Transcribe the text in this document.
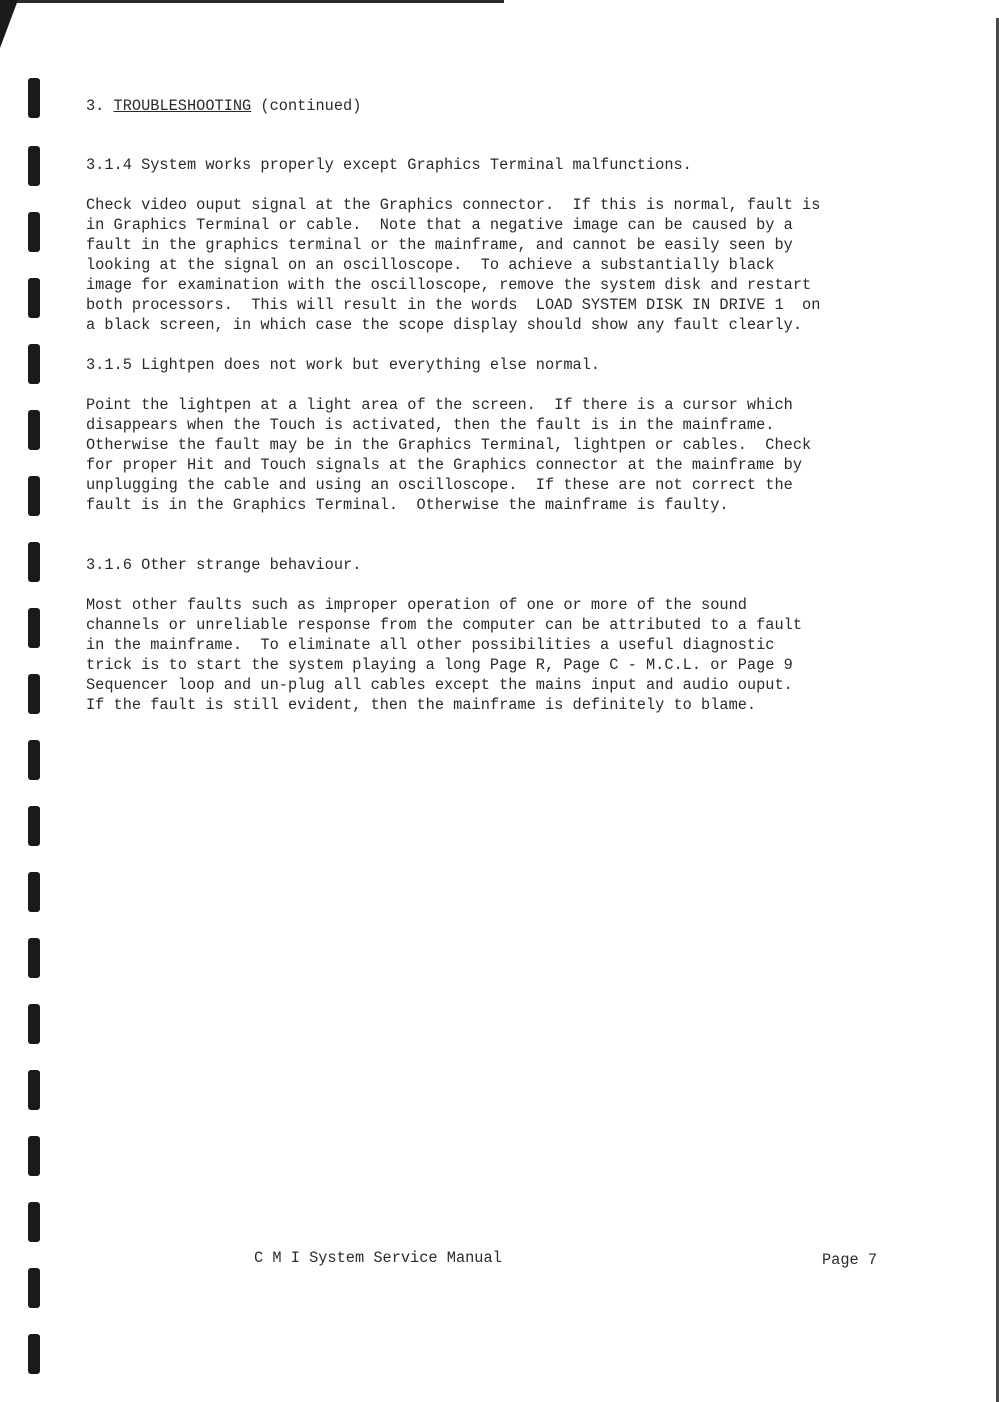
3. TROUBLESHOOTING (continued)

3.1.4 System works properly except Graphics Terminal malfunctions.

Check video ouput signal at the Graphics connector.  If this is normal, fault is
in Graphics Terminal or cable.  Note that a negative image can be caused by a
fault in the graphics terminal or the mainframe, and cannot be easily seen by
looking at the signal on an oscilloscope.  To achieve a substantially black
image for examination with the oscilloscope, remove the system disk and restart
both processors.  This will result in the words  LOAD SYSTEM DISK IN DRIVE 1  on
a black screen, in which case the scope display should show any fault clearly.

3.1.5 Lightpen does not work but everything else normal.

Point the lightpen at a light area of the screen.  If there is a cursor which
disappears when the Touch is activated, then the fault is in the mainframe.
Otherwise the fault may be in the Graphics Terminal, lightpen or cables.  Check
for proper Hit and Touch signals at the Graphics connector at the mainframe by
unplugging the cable and using an oscilloscope.  If these are not correct the
fault is in the Graphics Terminal.  Otherwise the mainframe is faulty.

3.1.6 Other strange behaviour.

Most other faults such as improper operation of one or more of the sound
channels or unreliable response from the computer can be attributed to a fault
in the mainframe.  To eliminate all other possibilities a useful diagnostic
trick is to start the system playing a long Page R, Page C - M.C.L. or Page 9
Sequencer loop and un-plug all cables except the mains input and audio ouput.
If the fault is still evident, then the mainframe is definitely to blame.

C M I System Service Manual	Page 7
